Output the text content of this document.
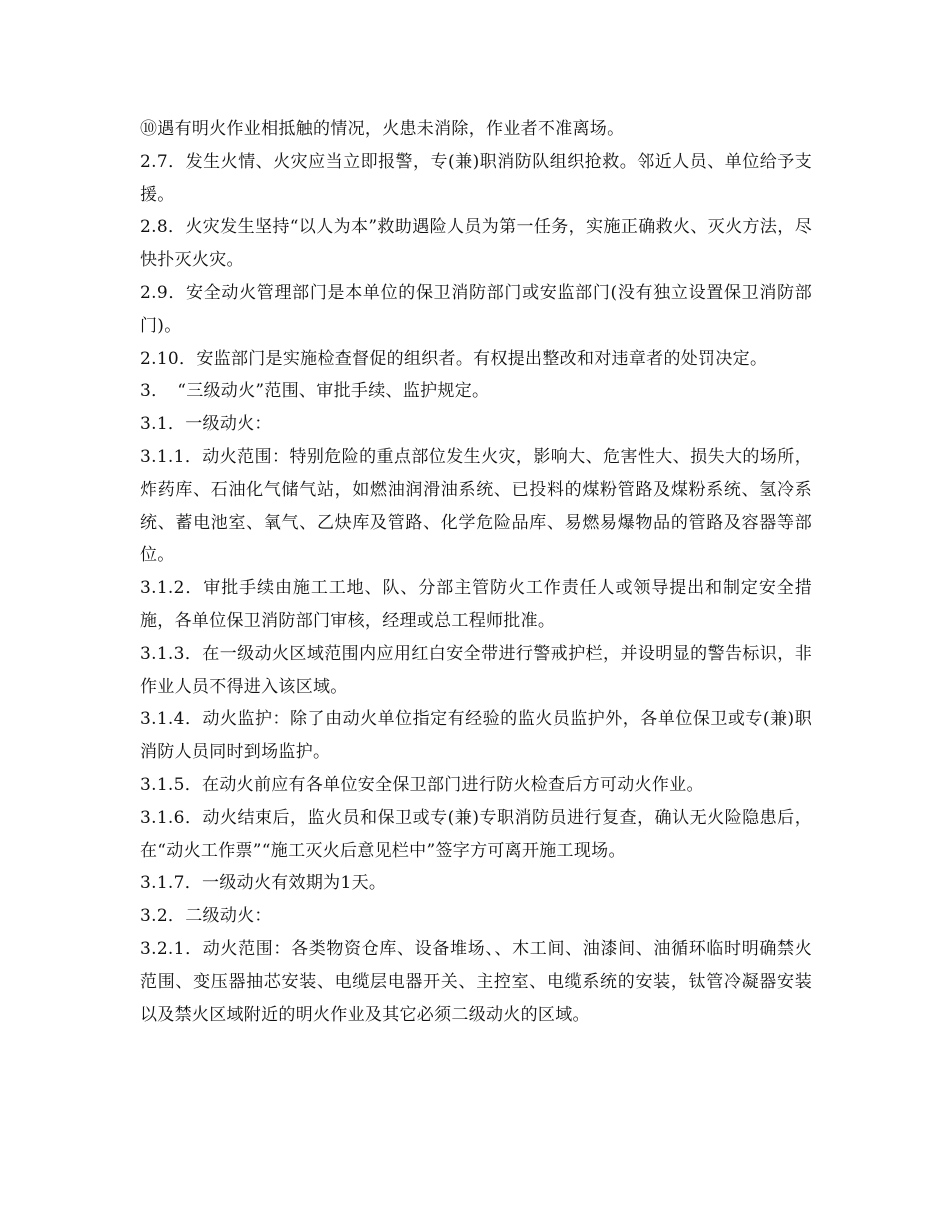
⑩遇有明火作业相抵触的情况，火患未消除，作业者不准离场。

2.7．发生火情、火灾应当立即报警，专(兼)职消防队组织抢救。邻近人员、单位给予支援。

2.8．火灾发生坚持“以人为本”救助遇险人员为第一任务，实施正确救火、灭火方法，尽快扑灭火灾。

2.9．安全动火管理部门是本单位的保卫消防部门或安监部门(没有独立设置保卫消防部门)。

2.10．安监部门是实施检查督促的组织者。有权提出整改和对违章者的处罚决定。

3．　“三级动火”范围、审批手续、监护规定。

3.1．一级动火：

3.1.1．动火范围：特别危险的重点部位发生火灾，影响大、危害性大、损失大的场所，炸药库、石油化气储气站，如燃油润滑油系统、已投料的煤粉管路及煤粉系统、氢冷系统、蓄电池室、氧气、乙炔库及管路、化学危险品库、易燃易爆物品的管路及容器等部位。

3.1.2．审批手续由施工工地、队、分部主管防火工作责任人或领导提出和制定安全措施，各单位保卫消防部门审核，经理或总工程师批准。

3.1.3．在一级动火区域范围内应用红白安全带进行警戒护栏，并设明显的警告标识，非作业人员不得进入该区域。

3.1.4．动火监护：除了由动火单位指定有经验的监火员监护外，各单位保卫或专(兼)职消防人员同时到场监护。

3.1.5．在动火前应有各单位安全保卫部门进行防火检查后方可动火作业。

3.1.6．动火结束后，监火员和保卫或专(兼)专职消防员进行复查，确认无火险隐患后，在“动火工作票”“施工灭火后意见栏中”签字方可离开施工现场。

3.1.7．一级动火有效期为1天。

3.2．二级动火：

3.2.1．动火范围：各类物资仓库、设备堆场、、木工间、油漆间、油循环临时明确禁火范围、变压器抽芯安装、电缆层电器开关、主控室、电缆系统的安装，钛管冷凝器安装以及禁火区域附近的明火作业及其它必须二级动火的区域。
